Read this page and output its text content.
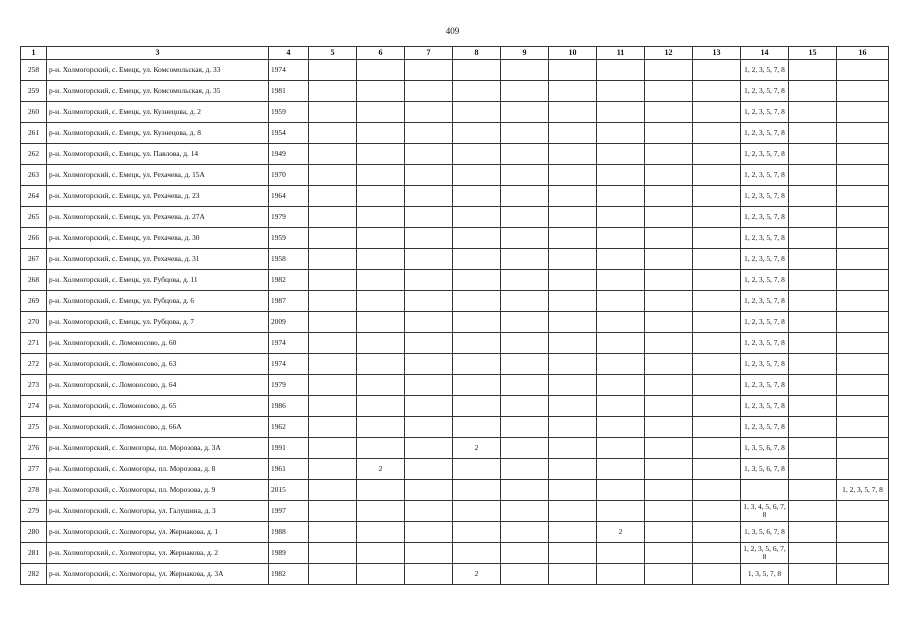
409
1	3	4	5	6	7	8	9	10	11	12	13	14	15	16
258	р-н. Холмогорский, с. Емецк, ул. Комсомольская, д. 33	1974										1, 2, 3, 5, 7, 8		
259	р-н. Холмогорский, с. Емецк, ул. Комсомольская, д. 35	1981										1, 2, 3, 5, 7, 8		
260	р-н. Холмогорский, с. Емецк, ул. Кузнецова, д. 2	1959										1, 2, 3, 5, 7, 8		
261	р-н. Холмогорский, с. Емецк, ул. Кузнецова, д. 8	1954										1, 2, 3, 5, 7, 8		
262	р-н. Холмогорский, с. Емецк, ул. Павлова, д. 14	1949										1, 2, 3, 5, 7, 8		
263	р-н. Холмогорский, с. Емецк, ул. Рехачева, д. 15А	1970										1, 2, 3, 5, 7, 8		
264	р-н. Холмогорский, с. Емецк, ул. Рехачева, д. 23	1964										1, 2, 3, 5, 7, 8		
265	р-н. Холмогорский, с. Емецк, ул. Рехачева, д. 27А	1979										1, 2, 3, 5, 7, 8		
266	р-н. Холмогорский, с. Емецк, ул. Рехачева, д. 30	1959										1, 2, 3, 5, 7, 8		
267	р-н. Холмогорский, с. Емецк, ул. Рехачева, д. 31	1958										1, 2, 3, 5, 7, 8		
268	р-н. Холмогорский, с. Емецк, ул. Рубцова, д. 11	1982										1, 2, 3, 5, 7, 8		
269	р-н. Холмогорский, с. Емецк, ул. Рубцова, д. 6	1987										1, 2, 3, 5, 7, 8		
270	р-н. Холмогорский, с. Емецк, ул. Рубцова, д. 7	2009										1, 2, 3, 5, 7, 8		
271	р-н. Холмогорский, с. Ломоносово, д. 60	1974										1, 2, 3, 5, 7, 8		
272	р-н. Холмогорский, с. Ломоносово, д. 63	1974										1, 2, 3, 5, 7, 8		
273	р-н. Холмогорский, с. Ломоносово, д. 64	1979										1, 2, 3, 5, 7, 8		
274	р-н. Холмогорский, с. Ломоносово, д. 65	1986										1, 2, 3, 5, 7, 8		
275	р-н. Холмогорский, с. Ломоносово, д. 66А	1962										1, 2, 3, 5, 7, 8		
276	р-н. Холмогорский, с. Холмогоры, пл. Морозова, д. 3А	1991				2						1, 3, 5, 6, 7, 8		
277	р-н. Холмогорский, с. Холмогоры, пл. Морозова, д. 8	1961		2								1, 3, 5, 6, 7, 8		
278	р-н. Холмогорский, с. Холмогоры, пл. Морозова, д. 9	2015												1, 2, 3, 5, 7, 8
279	р-н. Холмогорский, с. Холмогоры, ул. Галушина, д. 3	1997										1, 3, 4, 5, 6, 7, 8		
280	р-н. Холмогорский, с. Холмогоры, ул. Жернакова, д. 1	1988							2			1, 3, 5, 6, 7, 8		
281	р-н. Холмогорский, с. Холмогоры, ул. Жернакова, д. 2	1989										1, 2, 3, 5, 6, 7, 8		
282	р-н. Холмогорский, с. Холмогоры, ул. Жернакова, д. 3А	1982				2						1, 3, 5, 7, 8		
